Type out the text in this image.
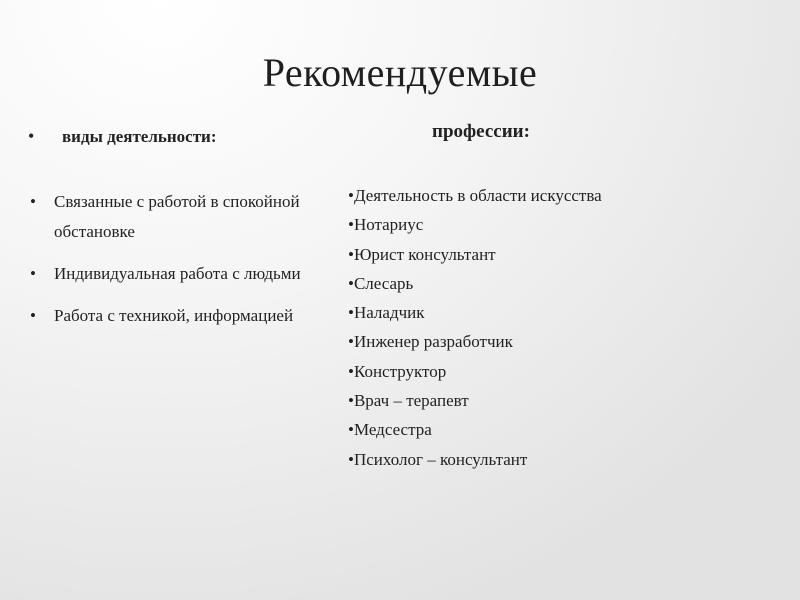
Рекомендуемые
• виды деятельности:	профессии:
• Связанные с работой в спокойной обстановке
• Индивидуальная работа с людьми
• Работа с техникой, информацией
•Деятельность в области искусства
•Нотариус
•Юрист консультант
•Слесарь
•Наладчик
•Инженер разработчик
•Конструктор
•Врач – терапевт
•Медсестра
•Психолог – консультант
